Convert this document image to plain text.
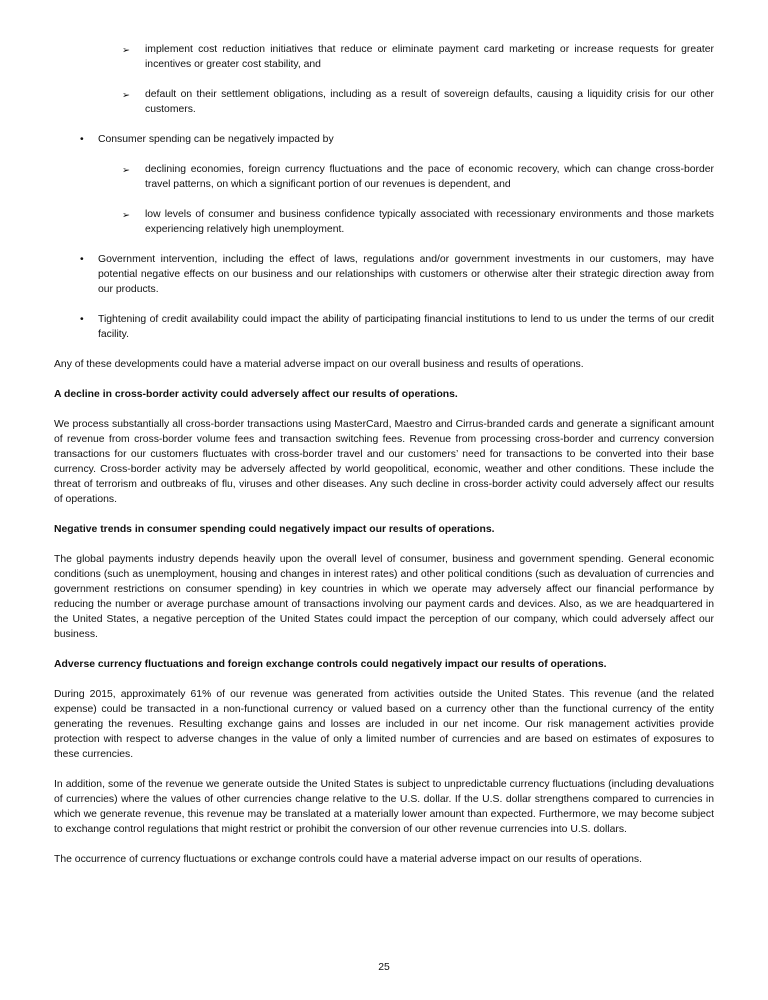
➢	implement cost reduction initiatives that reduce or eliminate payment card marketing or increase requests for greater incentives or greater cost stability, and
➢	default on their settlement obligations, including as a result of sovereign defaults, causing a liquidity crisis for our other customers.
•	Consumer spending can be negatively impacted by
➢	declining economies, foreign currency fluctuations and the pace of economic recovery, which can change cross-border travel patterns, on which a significant portion of our revenues is dependent, and
➢	low levels of consumer and business confidence typically associated with recessionary environments and those markets experiencing relatively high unemployment.
•	Government intervention, including the effect of laws, regulations and/or government investments in our customers, may have potential negative effects on our business and our relationships with customers or otherwise alter their strategic direction away from our products.
•	Tightening of credit availability could impact the ability of participating financial institutions to lend to us under the terms of our credit facility.

Any of these developments could have a material adverse impact on our overall business and results of operations.

A decline in cross-border activity could adversely affect our results of operations.

We process substantially all cross-border transactions using MasterCard, Maestro and Cirrus-branded cards and generate a significant amount of revenue from cross-border volume fees and transaction switching fees. Revenue from processing cross-border and currency conversion transactions for our customers fluctuates with cross-border travel and our customers’ need for transactions to be converted into their base currency. Cross-border activity may be adversely affected by world geopolitical, economic, weather and other conditions. These include the threat of terrorism and outbreaks of flu, viruses and other diseases. Any such decline in cross-border activity could adversely affect our results of operations.

Negative trends in consumer spending could negatively impact our results of operations.

The global payments industry depends heavily upon the overall level of consumer, business and government spending. General economic conditions (such as unemployment, housing and changes in interest rates) and other political conditions (such as devaluation of currencies and government restrictions on consumer spending) in key countries in which we operate may adversely affect our financial performance by reducing the number or average purchase amount of transactions involving our payment cards and devices. Also, as we are headquartered in the United States, a negative perception of the United States could impact the perception of our company, which could adversely affect our business.

Adverse currency fluctuations and foreign exchange controls could negatively impact our results of operations.

During 2015, approximately 61% of our revenue was generated from activities outside the United States. This revenue (and the related expense) could be transacted in a non-functional currency or valued based on a currency other than the functional currency of the entity generating the revenues. Resulting exchange gains and losses are included in our net income. Our risk management activities provide protection with respect to adverse changes in the value of only a limited number of currencies and are based on estimates of exposures to these currencies.

In addition, some of the revenue we generate outside the United States is subject to unpredictable currency fluctuations (including devaluations of currencies) where the values of other currencies change relative to the U.S. dollar. If the U.S. dollar strengthens compared to currencies in which we generate revenue, this revenue may be translated at a materially lower amount than expected. Furthermore, we may become subject to exchange control regulations that might restrict or prohibit the conversion of our other revenue currencies into U.S. dollars.

The occurrence of currency fluctuations or exchange controls could have a material adverse impact on our results of operations.

25
